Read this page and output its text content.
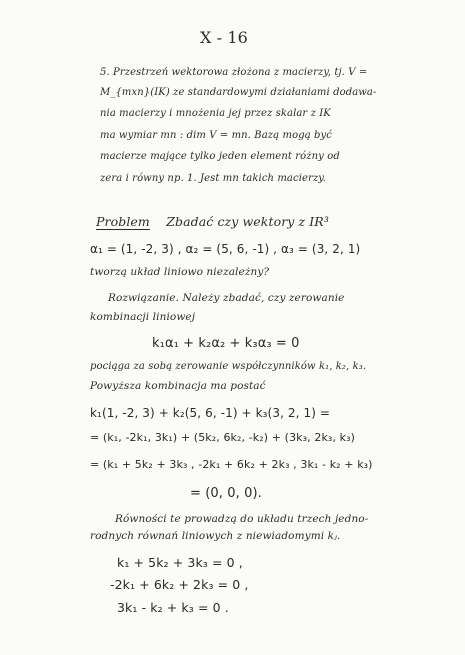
X - 16
5. Przestrzeń wektorowa złożona z macierzy, tj. V =
M_{mxn}(IK) ze standardowymi działaniami dodawa-
nia macierzy i mnożenia jej przez skalar z IK
ma wymiar mn : dim V = mn. Bazą mogą być
macierze mające tylko jeden element różny od
zera i równy np. 1. Jest mn takich macierzy.
Problem Zbadać czy wektory z IR³
α₁ = (1, -2, 3) , α₂ = (5, 6, -1) , α₃ = (3, 2, 1)
tworzą układ liniowo niezależny?
Rozwiązanie. Należy zbadać, czy zerowanie
kombinacji liniowej
k₁α₁ + k₂α₂ + k₃α₃ = 0
pociąga za sobą zerowanie współczynników k₁, k₂, k₃.
Powyższa kombinacja ma postać
k₁(1, -2, 3) + k₂(5, 6, -1) + k₃(3, 2, 1) =
= (k₁, -2k₁, 3k₁) + (5k₂, 6k₂, -k₂) + (3k₃, 2k₃, k₃)
= (k₁ + 5k₂ + 3k₃ , -2k₁ + 6k₂ + 2k₃ , 3k₁ - k₂ + k₃)
= (0, 0, 0).
Równości te prowadzą do układu trzech jedno-
rodnych równań liniowych z niewiadomymi kⱼ.
k₁ + 5k₂ + 3k₃ = 0 ,
-2k₁ + 6k₂ + 2k₃ = 0 ,
3k₁ - k₂ + k₃ = 0 .
